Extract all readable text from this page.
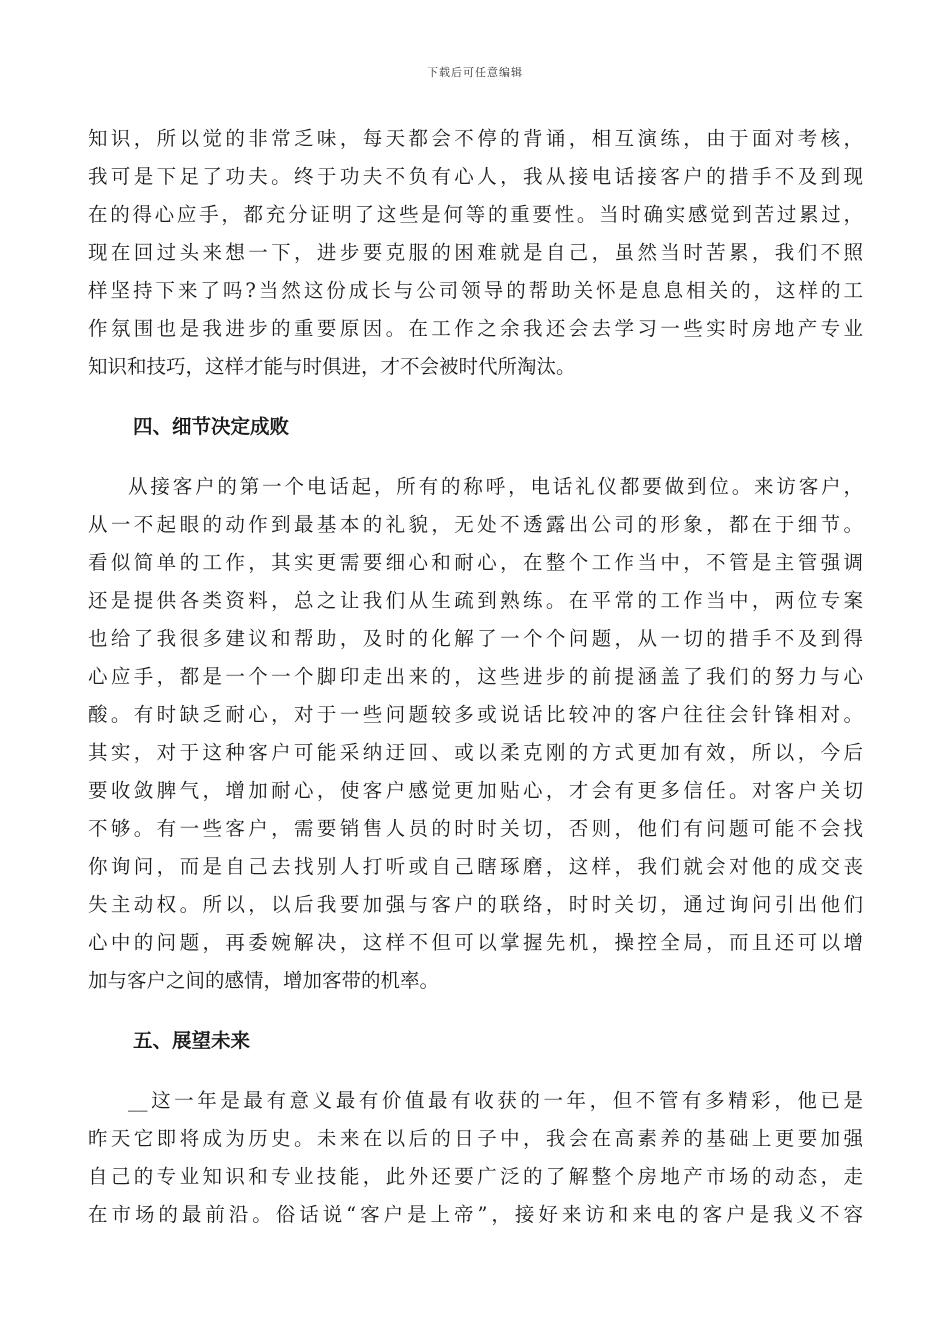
下载后可任意编辑
知识，所以觉的非常乏味，每天都会不停的背诵，相互演练，由于面对考核，
我可是下足了功夫。终于功夫不负有心人，我从接电话接客户的措手不及到现
在的得心应手，都充分证明了这些是何等的重要性。当时确实感觉到苦过累过，
现在回过头来想一下，进步要克服的困难就是自己，虽然当时苦累，我们不照
样坚持下来了吗?当然这份成长与公司领导的帮助关怀是息息相关的，这样的工
作氛围也是我进步的重要原因。在工作之余我还会去学习一些实时房地产专业
知识和技巧，这样才能与时俱进，才不会被时代所淘汰。
四、细节决定成败
从接客户的第一个电话起，所有的称呼，电话礼仪都要做到位。来访客户，
从一不起眼的动作到最基本的礼貌，无处不透露出公司的形象，都在于细节。
看似简单的工作，其实更需要细心和耐心，在整个工作当中，不管是主管强调
还是提供各类资料，总之让我们从生疏到熟练。在平常的工作当中，两位专案
也给了我很多建议和帮助，及时的化解了一个个问题，从一切的措手不及到得
心应手，都是一个一个脚印走出来的，这些进步的前提涵盖了我们的努力与心
酸。有时缺乏耐心，对于一些问题较多或说话比较冲的客户往往会针锋相对。
其实，对于这种客户可能采纳迂回、或以柔克刚的方式更加有效，所以，今后
要收敛脾气，增加耐心，使客户感觉更加贴心，才会有更多信任。对客户关切
不够。有一些客户，需要销售人员的时时关切，否则，他们有问题可能不会找
你询问，而是自己去找别人打听或自己瞎琢磨，这样，我们就会对他的成交丧
失主动权。所以，以后我要加强与客户的联络，时时关切，通过询问引出他们
心中的问题，再委婉解决，这样不但可以掌握先机，操控全局，而且还可以增
加与客户之间的感情，增加客带的机率。
五、展望未来
__这一年是最有意义最有价值最有收获的一年，但不管有多精彩，他已是
昨天它即将成为历史。未来在以后的日子中，我会在高素养的基础上更要加强
自己的专业知识和专业技能，此外还要广泛的了解整个房地产市场的动态，走
在市场的最前沿。俗话说“客户是上帝”，接好来访和来电的客户是我义不容
